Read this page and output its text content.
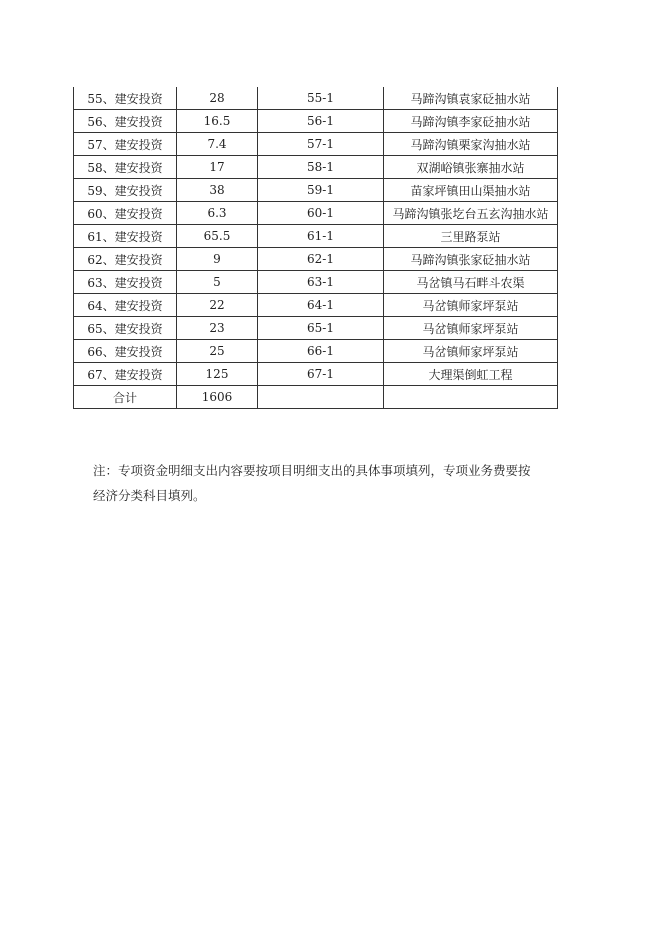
55、建安投资	28	55-1	马蹄沟镇袁家砭抽水站
56、建安投资	16.5	56-1	马蹄沟镇李家砭抽水站
57、建安投资	7.4	57-1	马蹄沟镇栗家沟抽水站
58、建安投资	17	58-1	双湖峪镇张寨抽水站
59、建安投资	38	59-1	苗家坪镇田山渠抽水站
60、建安投资	6.3	60-1	马蹄沟镇张圪台五玄沟抽水站
61、建安投资	65.5	61-1	三里路泵站
62、建安投资	9	62-1	马蹄沟镇张家砭抽水站
63、建安投资	5	63-1	马岔镇马石畔斗农渠
64、建安投资	22	64-1	马岔镇师家坪泵站
65、建安投资	23	65-1	马岔镇师家坪泵站
66、建安投资	25	66-1	马岔镇师家坪泵站
67、建安投资	125	67-1	大理渠倒虹工程
合计	1606		

注：专项资金明细支出内容要按项目明细支出的具体事项填列，专项业务费要按

经济分类科目填列。
